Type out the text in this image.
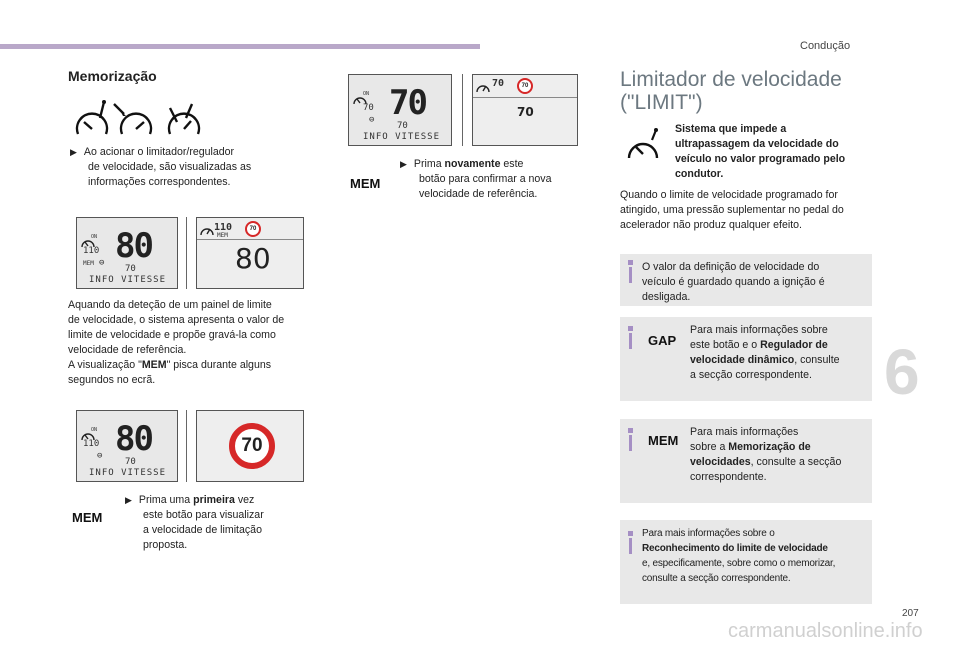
Condução
6
207
carmanualsonline.info
Memorização
▶ Ao acionar o limitador/regulador
de velocidade, são visualizadas as
informações correspondentes.
ON 80
110
MEM ⊖
70
INFO VITESSE
110
MEM
70
80
Aquando da deteção de um painel de limite
de velocidade, o sistema apresenta o valor de
limite de velocidade e propõe gravá-la como
velocidade de referência.
A visualização "MEM" pisca durante alguns
segundos no ecrã.
ON 80
110
⊖
70
INFO VITESSE
70
MEM
▶ Prima uma primeira vez
este botão para visualizar
a velocidade de limitação
proposta.
ON 70
70
⊖
70
INFO VITESSE
70	70
70
MEM
▶ Prima novamente este
botão para confirmar a nova
velocidade de referência.
Limitador de velocidade
("LIMIT")
Sistema que impede a
ultrapassagem da velocidade do
veículo no valor programado pelo
condutor.
Quando o limite de velocidade programado for
atingido, uma pressão suplementar no pedal do
acelerador não produz qualquer efeito.
O valor da definição de velocidade do
veículo é guardado quando a ignição é
desligada.
GAP
Para mais informações sobre
este botão e o Regulador de
velocidade dinâmico, consulte
a secção correspondente.
MEM
Para mais informações
sobre a Memorização de
velocidades, consulte a secção
correspondente.
Para mais informações sobre o
Reconhecimento do limite de velocidade
e, especificamente, sobre como o memorizar,
consulte a secção correspondente.
